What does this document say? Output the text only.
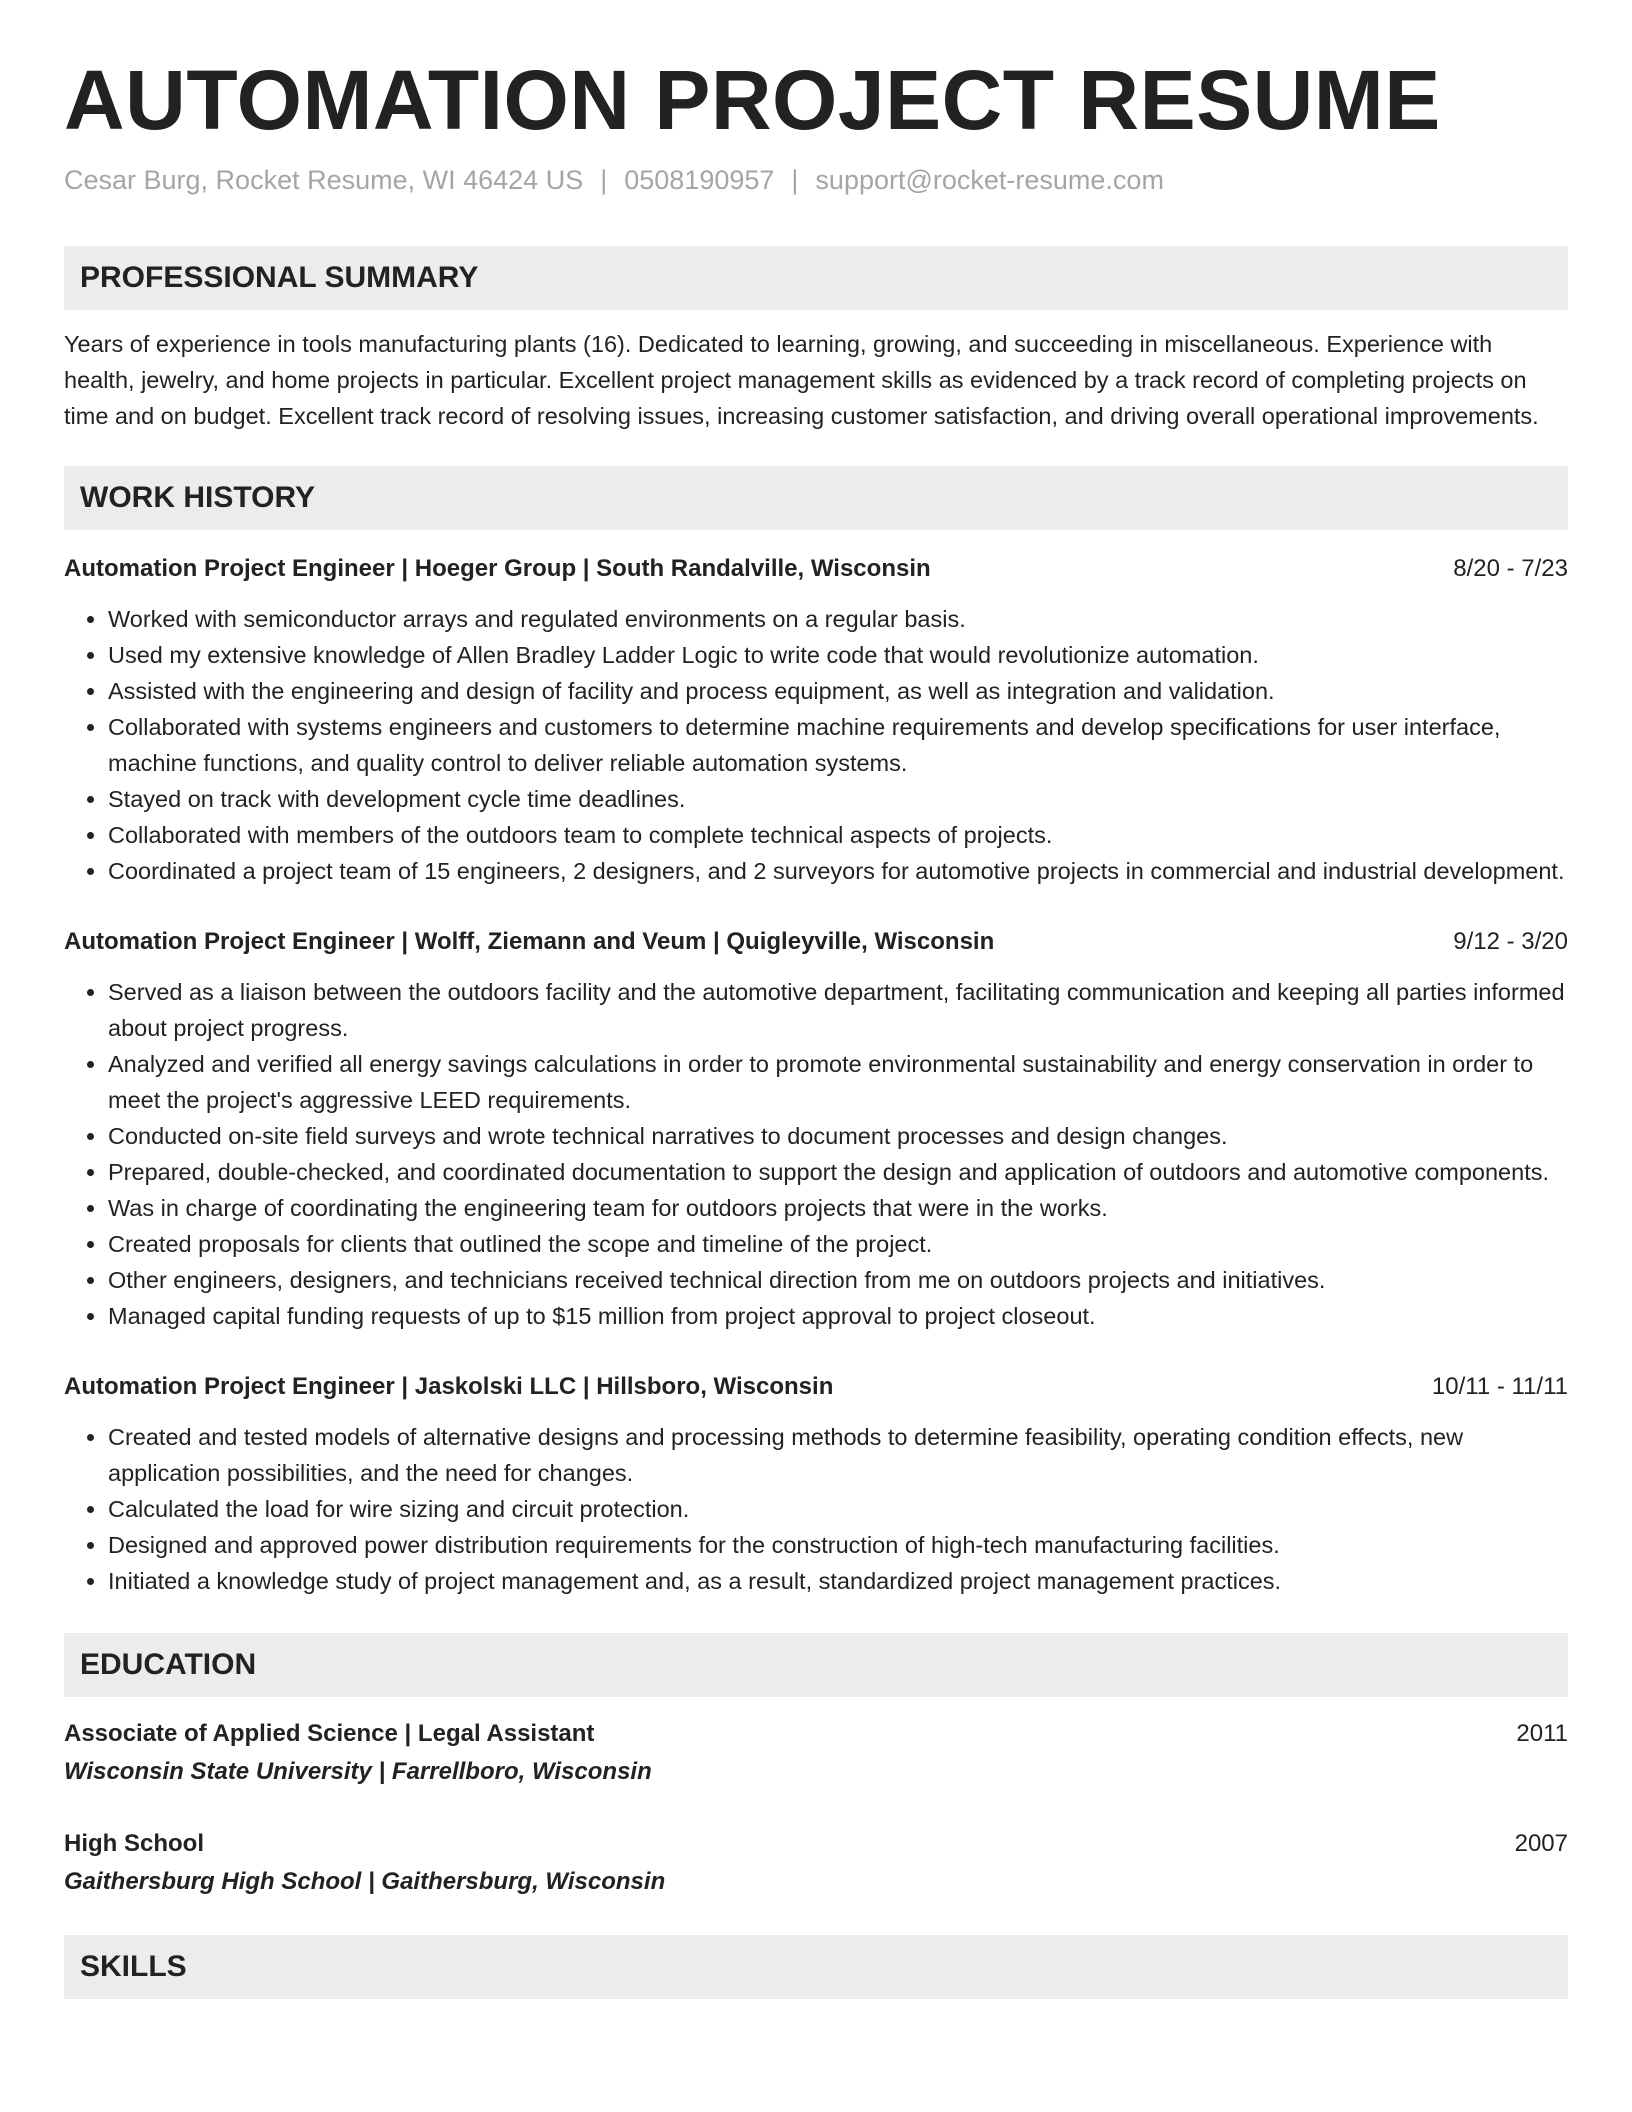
AUTOMATION PROJECT RESUME
Cesar Burg, Rocket Resume, WI 46424 US | 0508190957 | support@rocket-resume.com
PROFESSIONAL SUMMARY
Years of experience in tools manufacturing plants (16). Dedicated to learning, growing, and succeeding in miscellaneous. Experience with health, jewelry, and home projects in particular. Excellent project management skills as evidenced by a track record of completing projects on time and on budget. Excellent track record of resolving issues, increasing customer satisfaction, and driving overall operational improvements.
WORK HISTORY
Automation Project Engineer | Hoeger Group | South Randalville, Wisconsin	8/20 - 7/23
• Worked with semiconductor arrays and regulated environments on a regular basis.
• Used my extensive knowledge of Allen Bradley Ladder Logic to write code that would revolutionize automation.
• Assisted with the engineering and design of facility and process equipment, as well as integration and validation.
• Collaborated with systems engineers and customers to determine machine requirements and develop specifications for user interface, machine functions, and quality control to deliver reliable automation systems.
• Stayed on track with development cycle time deadlines.
• Collaborated with members of the outdoors team to complete technical aspects of projects.
• Coordinated a project team of 15 engineers, 2 designers, and 2 surveyors for automotive projects in commercial and industrial development.
Automation Project Engineer | Wolff, Ziemann and Veum | Quigleyville, Wisconsin	9/12 - 3/20
• Served as a liaison between the outdoors facility and the automotive department, facilitating communication and keeping all parties informed about project progress.
• Analyzed and verified all energy savings calculations in order to promote environmental sustainability and energy conservation in order to meet the project's aggressive LEED requirements.
• Conducted on-site field surveys and wrote technical narratives to document processes and design changes.
• Prepared, double-checked, and coordinated documentation to support the design and application of outdoors and automotive components.
• Was in charge of coordinating the engineering team for outdoors projects that were in the works.
• Created proposals for clients that outlined the scope and timeline of the project.
• Other engineers, designers, and technicians received technical direction from me on outdoors projects and initiatives.
• Managed capital funding requests of up to $15 million from project approval to project closeout.
Automation Project Engineer | Jaskolski LLC | Hillsboro, Wisconsin	10/11 - 11/11
• Created and tested models of alternative designs and processing methods to determine feasibility, operating condition effects, new application possibilities, and the need for changes.
• Calculated the load for wire sizing and circuit protection.
• Designed and approved power distribution requirements for the construction of high-tech manufacturing facilities.
• Initiated a knowledge study of project management and, as a result, standardized project management practices.
EDUCATION
Associate of Applied Science | Legal Assistant	2011
Wisconsin State University | Farrellboro, Wisconsin
High School	2007
Gaithersburg High School | Gaithersburg, Wisconsin
SKILLS
